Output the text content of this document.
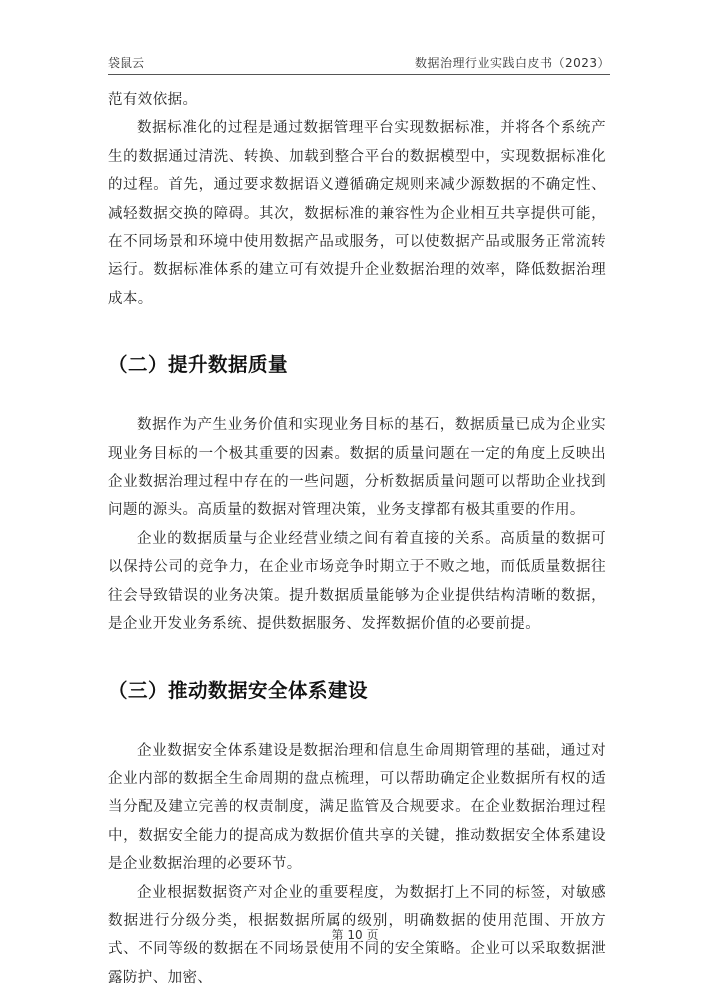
袋鼠云	数据治理行业实践白皮书（2023）

范有效依据。

数据标准化的过程是通过数据管理平台实现数据标准，并将各个系统产生的数据通过清洗、转换、加载到整合平台的数据模型中，实现数据标准化的过程。首先，通过要求数据语义遵循确定规则来减少源数据的不确定性、减轻数据交换的障碍。其次，数据标准的兼容性为企业相互共享提供可能，在不同场景和环境中使用数据产品或服务，可以使数据产品或服务正常流转运行。数据标准体系的建立可有效提升企业数据治理的效率，降低数据治理成本。

（二）提升数据质量

数据作为产生业务价值和实现业务目标的基石，数据质量已成为企业实现业务目标的一个极其重要的因素。数据的质量问题在一定的角度上反映出企业数据治理过程中存在的一些问题，分析数据质量问题可以帮助企业找到问题的源头。高质量的数据对管理决策，业务支撑都有极其重要的作用。

企业的数据质量与企业经营业绩之间有着直接的关系。高质量的数据可以保持公司的竞争力，在企业市场竞争时期立于不败之地，而低质量数据往往会导致错误的业务决策。提升数据质量能够为企业提供结构清晰的数据，是企业开发业务系统、提供数据服务、发挥数据价值的必要前提。

（三）推动数据安全体系建设

企业数据安全体系建设是数据治理和信息生命周期管理的基础，通过对企业内部的数据全生命周期的盘点梳理，可以帮助确定企业数据所有权的适当分配及建立完善的权责制度，满足监管及合规要求。在企业数据治理过程中，数据安全能力的提高成为数据价值共享的关键，推动数据安全体系建设是企业数据治理的必要环节。

企业根据数据资产对企业的重要程度，为数据打上不同的标签，对敏感数据进行分级分类，根据数据所属的级别，明确数据的使用范围、开放方式、不同等级的数据在不同场景使用不同的安全策略。企业可以采取数据泄露防护、加密、

第 10 页
